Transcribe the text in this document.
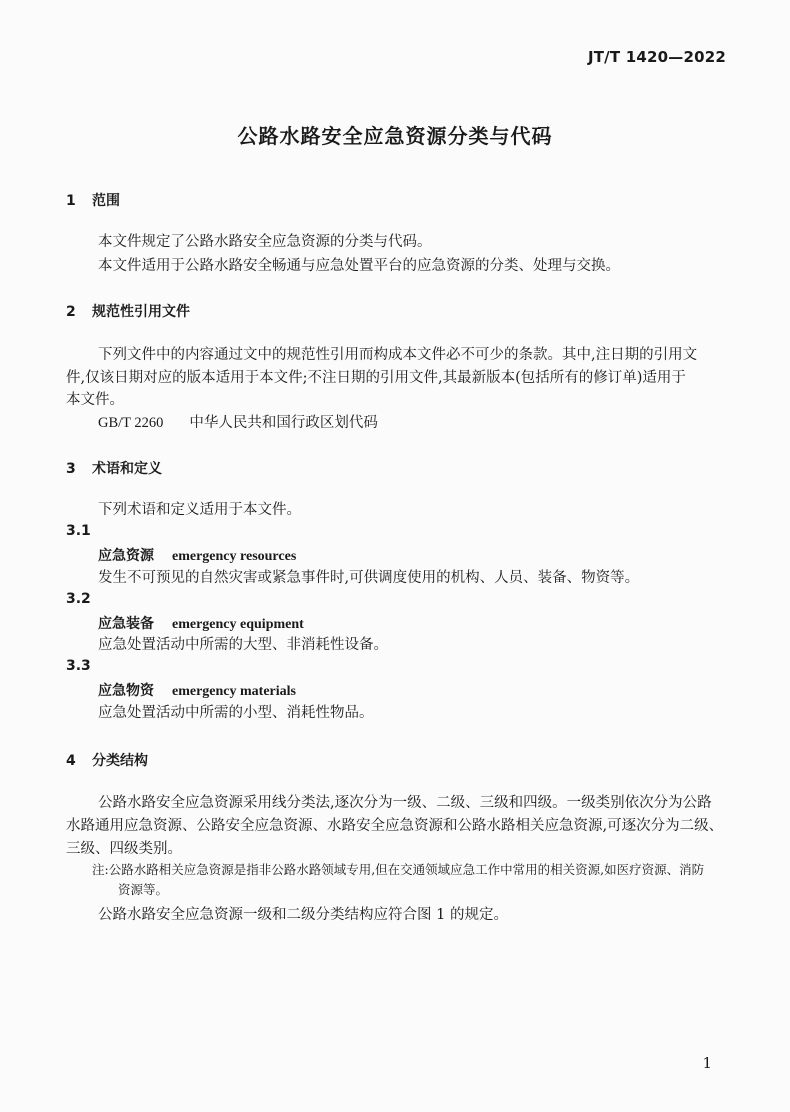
JT/T 1420—2022
公路水路安全应急资源分类与代码
1 范围
本文件规定了公路水路安全应急资源的分类与代码。
本文件适用于公路水路安全畅通与应急处置平台的应急资源的分类、处理与交换。
2 规范性引用文件
下列文件中的内容通过文中的规范性引用而构成本文件必不可少的条款。其中,注日期的引用文
件,仅该日期对应的版本适用于本文件;不注日期的引用文件,其最新版本(包括所有的修订单)适用于
本文件。
GB/T 2260 中华人民共和国行政区划代码
3 术语和定义
下列术语和定义适用于本文件。
3.1
应急资源 emergency resources
发生不可预见的自然灾害或紧急事件时,可供调度使用的机构、人员、装备、物资等。
3.2
应急装备 emergency equipment
应急处置活动中所需的大型、非消耗性设备。
3.3
应急物资 emergency materials
应急处置活动中所需的小型、消耗性物品。
4 分类结构
公路水路安全应急资源采用线分类法,逐次分为一级、二级、三级和四级。一级类别依次分为公路
水路通用应急资源、公路安全应急资源、水路安全应急资源和公路水路相关应急资源,可逐次分为二级、
三级、四级类别。
注:公路水路相关应急资源是指非公路水路领域专用,但在交通领域应急工作中常用的相关资源,如医疗资源、消防
资源等。
公路水路安全应急资源一级和二级分类结构应符合图 1 的规定。
1
